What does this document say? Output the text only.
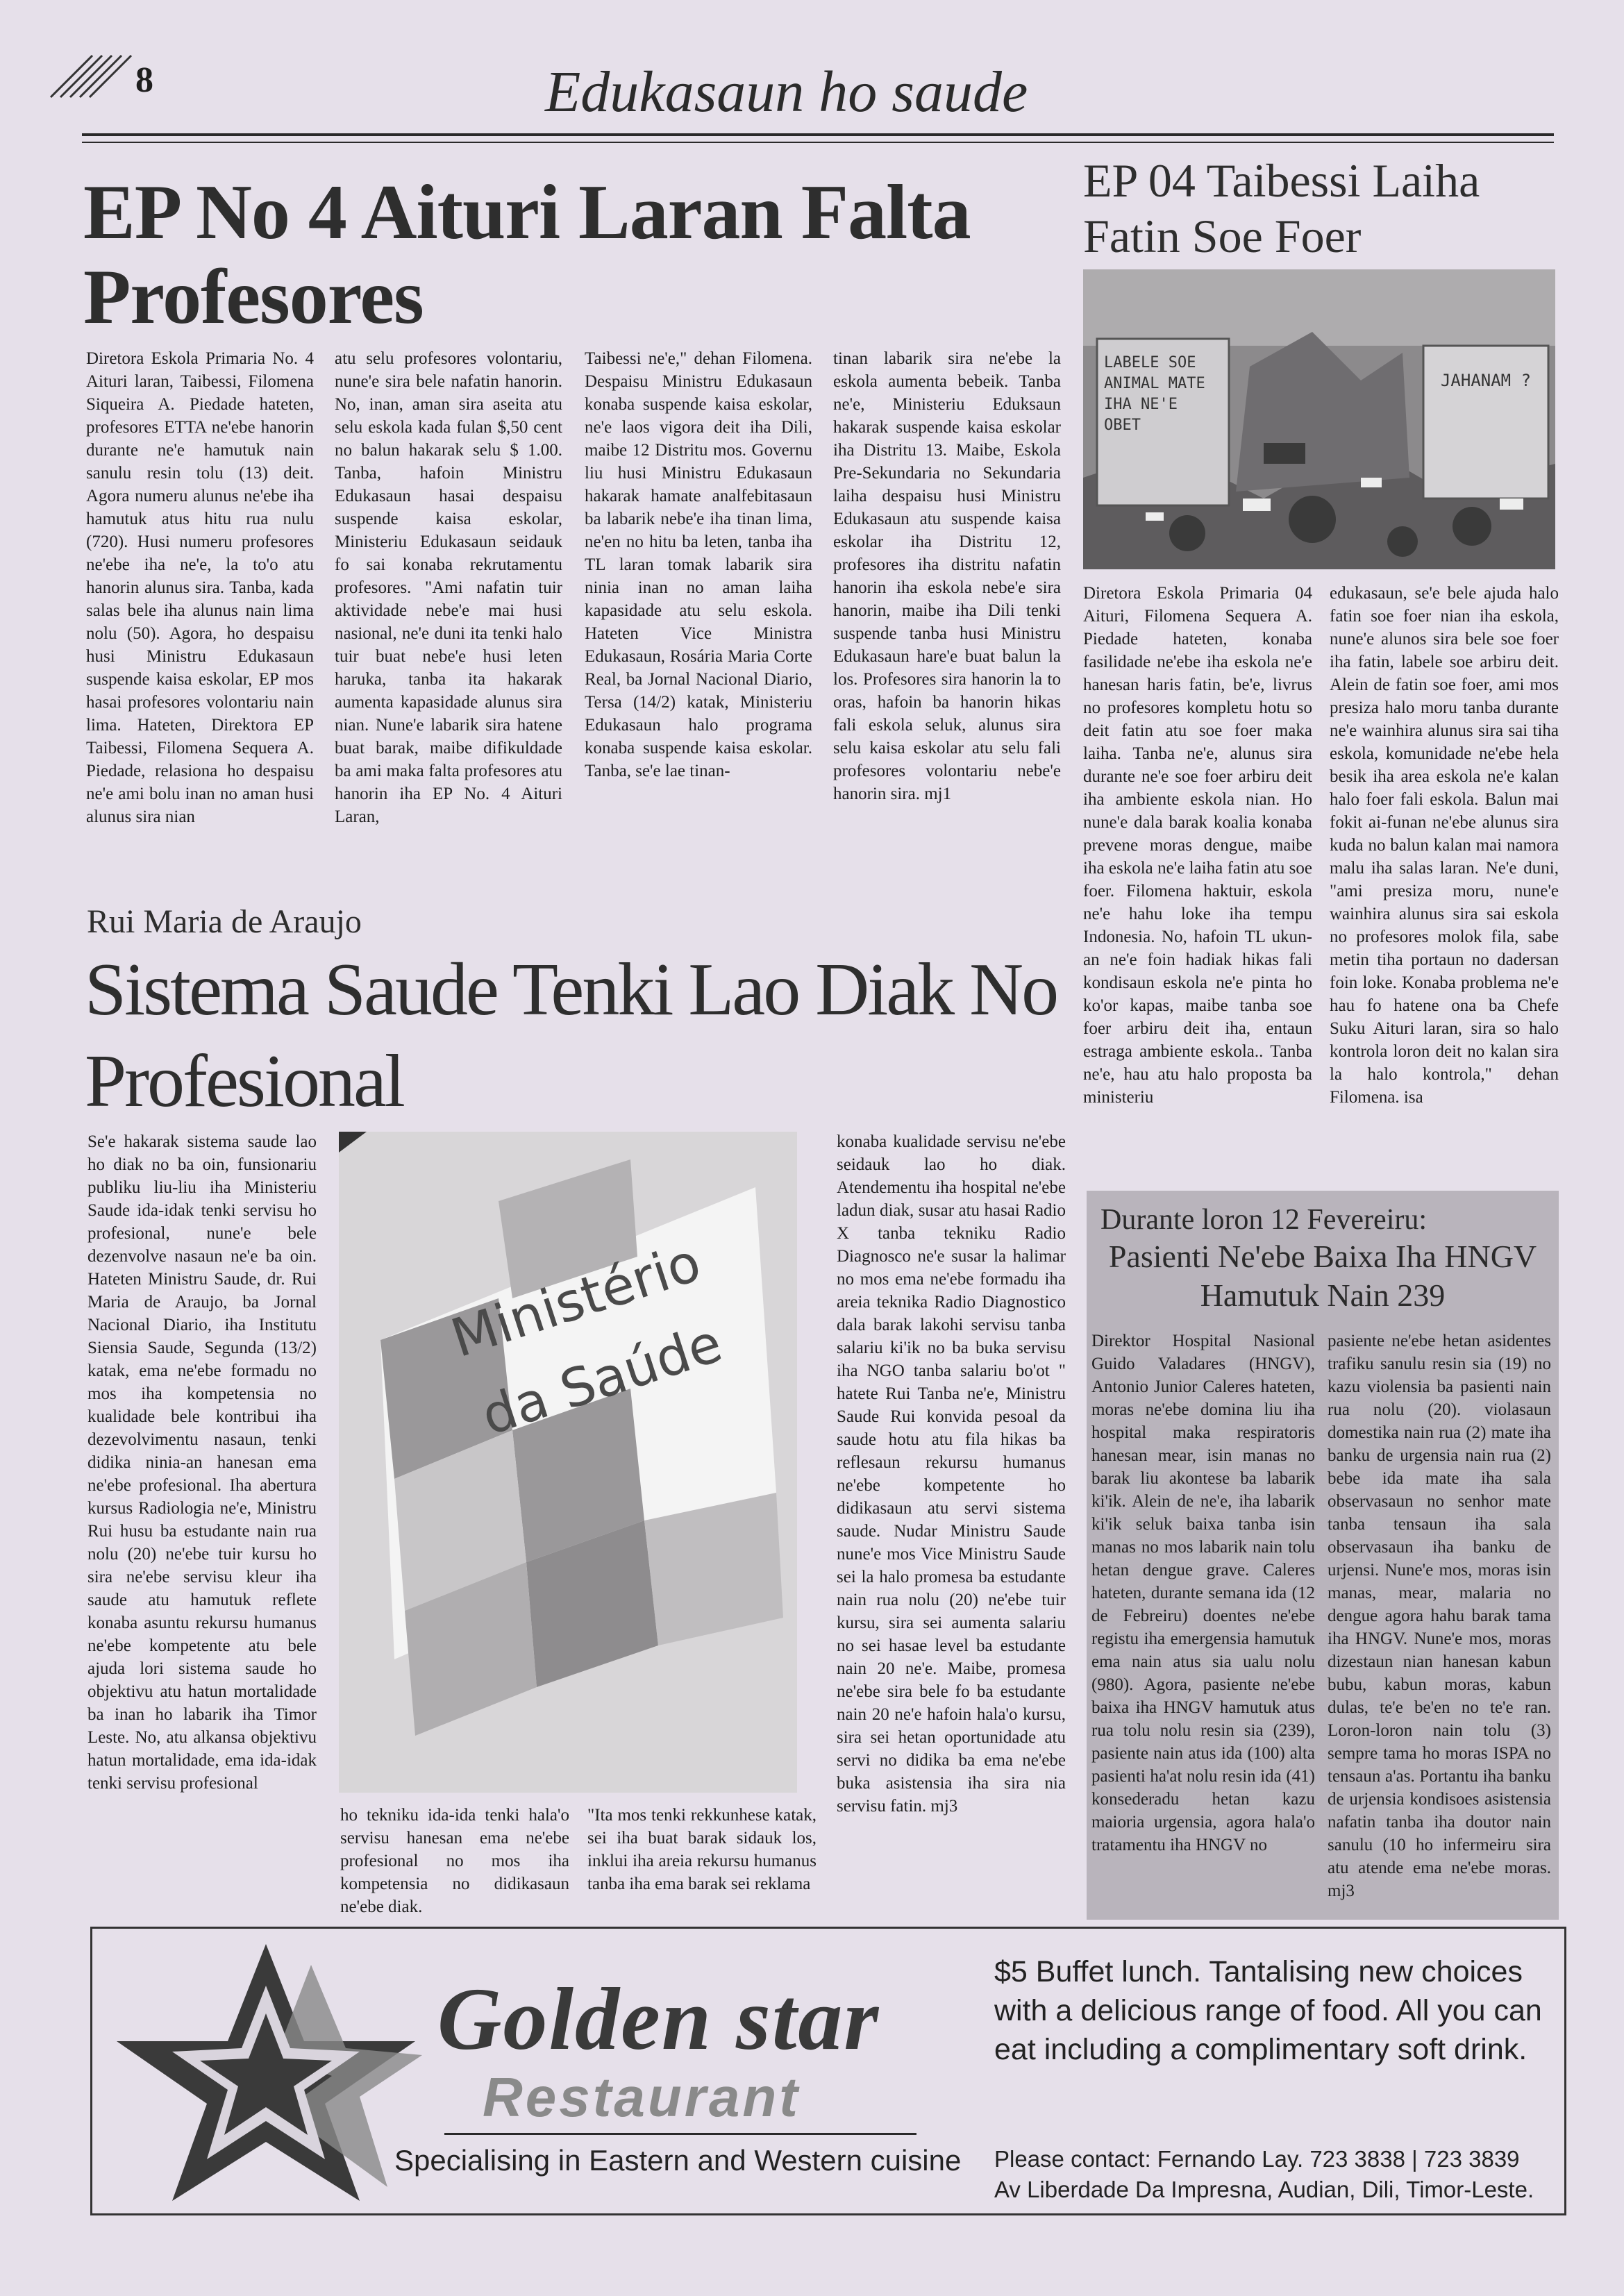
8	Edukasaun ho saude
EP No 4 Aituri Laran Falta Profesores

Diretora Eskola Primaria No. 4 Aituri laran, Taibessi, Filomena Siqueira A. Piedade hateten, profesores ETTA ne'ebe hanorin durante ne'e hamutuk nain sanulu resin tolu (13) deit. Agora numeru alunus ne'ebe iha hamutuk atus hitu rua nulu (720). Husi numeru profesores ne'ebe iha ne'e, la to'o atu hanorin alunus sira. Tanba, kada salas bele iha alunus nain lima nolu (50). Agora, ho despaisu husi Ministru Edukasaun suspende kaisa eskolar, EP mos hasai profesores volontariu nain lima. Hateten, Direktora EP Taibessi, Filomena Sequera A. Piedade, relasiona ho despaisu ne'e ami bolu inan no aman husi alunus sira nian

atu selu profesores volontariu, nune'e sira bele nafatin hanorin. No, inan, aman sira aseita atu selu eskola kada fulan $,50 cent no balun hakarak selu $ 1.00. Tanba, hafoin Ministru Edukasaun hasai despaisu suspende kaisa eskolar, Ministeriu Edukasaun seidauk fo sai konaba rekrutamentu profesores. "Ami nafatin tuir aktividade nebe'e mai husi nasional, ne'e duni ita tenki halo tuir buat nebe'e husi leten haruka, tanba ita hakarak aumenta kapasidade alunus sira nian. Nune'e labarik sira hatene buat barak, maibe difikuldade ba ami maka falta profesores atu hanorin iha EP No. 4 Aituri Laran,

Taibessi ne'e," dehan Filomena. Despaisu Ministru Edukasaun konaba suspende kaisa eskolar, ne'e laos vigora deit iha Dili, maibe 12 Distritu mos. Governu liu husi Ministru Edukasaun hakarak hamate analfebitasaun ba labarik nebe'e iha tinan lima, ne'en no hitu ba leten, tanba iha TL laran tomak labarik sira ninia inan no aman laiha kapasidade atu selu eskola. Hateten Vice Ministra Edukasaun, Rosária Maria Corte Real, ba Jornal Nacional Diario, Tersa (14/2) katak, Ministeriu Edukasaun halo programa konaba suspende kaisa eskolar. Tanba, se'e lae tinan-

tinan labarik sira ne'ebe la eskola aumenta bebeik. Tanba ne'e, Ministeriu Eduksaun hakarak suspende kaisa eskolar iha Distritu 13. Maibe, Eskola Pre-Sekundaria no Sekundaria laiha despaisu husi Ministru Edukasaun atu suspende kaisa eskolar iha Distritu 12, profesores iha distritu nafatin hanorin iha eskola nebe'e sira hanorin, maibe iha Dili tenki suspende tanba husi Ministru Edukasaun hare'e buat balun la los. Profesores sira hanorin la to oras, hafoin ba hanorin hikas fali eskola seluk, alunus sira selu kaisa eskolar atu selu fali profesores volontariu nebe'e hanorin sira. mj1

EP 04 Taibessi Laiha Fatin Soe Foer
LABELE SOE ANIMAL MATE IHA NE'E OBET
JAHANAM ?

Diretora Eskola Primaria 04 Aituri, Filomena Sequera A. Piedade hateten, konaba fasilidade ne'ebe iha eskola ne'e hanesan haris fatin, be'e, livrus no profesores kompletu hotu so deit fatin atu soe foer maka laiha. Tanba ne'e, alunus sira durante ne'e soe foer arbiru deit iha ambiente eskola nian. Ho nune'e dala barak koalia konaba prevene moras dengue, maibe iha eskola ne'e laiha fatin atu soe foer. Filomena haktuir, eskola ne'e hahu loke iha tempu Indonesia. No, hafoin TL ukun-an ne'e foin hadiak hikas fali kondisaun eskola ne'e pinta ho ko'or kapas, maibe tanba soe foer arbiru deit iha, entaun estraga ambiente eskola.. Tanba ne'e, hau atu halo proposta ba ministeriu

edukasaun, se'e bele ajuda halo fatin soe foer nian iha eskola, nune'e alunos sira bele soe foer iha fatin, labele soe arbiru deit. Alein de fatin soe foer, ami mos presiza halo moru tanba durante ne'e wainhira alunus sira sai tiha eskola, komunidade ne'ebe hela besik iha area eskola ne'e kalan halo foer fali eskola. Balun mai fokit ai-funan ne'ebe alunus sira kuda no balun kalan mai namora malu iha salas laran. Ne'e duni, "ami presiza moru, nune'e wainhira alunus sira sai eskola no profesores molok fila, sabe metin tiha portaun no dadersan foin loke. Konaba problema ne'e hau fo hatene ona ba Chefe Suku Aituri laran, sira so halo kontrola loron deit no kalan sira la halo kontrola," dehan Filomena. isa

Rui Maria de Araujo
Sistema Saude Tenki Lao Diak No Profesional

Se'e hakarak sistema saude lao ho diak no ba oin, funsionariu publiku liu-liu iha Ministeriu Saude ida-idak tenki servisu ho profesional, nune'e bele dezenvolve nasaun ne'e ba oin. Hateten Ministru Saude, dr. Rui Maria de Araujo, ba Jornal Nacional Diario, iha Institutu Siensia Saude, Segunda (13/2) katak, ema ne'ebe formadu no mos iha kompetensia no kualidade bele kontribui iha dezevolvimentu nasaun, tenki didika ninia-an hanesan ema ne'ebe profesional. Iha abertura kursus Radiologia ne'e, Ministru Rui husu ba estudante nain rua nolu (20) ne'ebe tuir kursu ho sira ne'ebe servisu kleur iha saude atu hamutuk reflete konaba asuntu rekursu humanus ne'ebe kompetente atu bele ajuda lori sistema saude ho objektivu atu hatun mortalidade ba inan ho labarik iha Timor Leste. No, atu alkansa objektivu hatun mortalidade, ema ida-idak tenki servisu profesional

Ministério da Saúde

ho tekniku ida-ida tenki hala'o servisu hanesan ema ne'ebe profesional no mos iha kompetensia no didikasaun ne'ebe diak.

"Ita mos tenki rekkunhese katak, sei iha buat barak sidauk los, inklui iha areia rekursu humanus tanba iha ema barak sei reklama

konaba kualidade servisu ne'ebe seidauk lao ho diak. Atendementu iha hospital ne'ebe ladun diak, susar atu hasai Radio X tanba tekniku Radio Diagnosco ne'e susar la halimar no mos ema ne'ebe formadu iha areia teknika Radio Diagnostico dala barak lakohi servisu tanba salariu ki'ik no ba buka servisu iha NGO tanba salariu bo'ot " hatete Rui Tanba ne'e, Ministru Saude Rui konvida pesoal da saude hotu atu fila hikas ba reflesaun rekursu humanus ne'ebe kompetente ho didikasaun atu servi sistema saude. Nudar Ministru Saude nune'e mos Vice Ministru Saude sei la halo promesa ba estudante nain rua nolu (20) ne'ebe tuir kursu, sira sei aumenta salariu no sei hasae level ba estudante nain 20 ne'e. Maibe, promesa ne'ebe sira bele fo ba estudante nain 20 ne'e hafoin hala'o kursu, sira sei hetan oportunidade atu servi no didika ba ema ne'ebe buka asistensia iha sira nia servisu fatin. mj3

Durante loron 12 Fevereiru:
Pasienti Ne'ebe Baixa Iha HNGV Hamutuk Nain 239

Direktor Hospital Nasional Guido Valadares (HNGV), Antonio Junior Caleres hateten, moras ne'ebe domina liu iha hospital maka respiratoris hanesan mear, isin manas no barak liu akontese ba labarik ki'ik. Alein de ne'e, iha labarik ki'ik seluk baixa tanba isin manas no mos labarik nain tolu hetan dengue grave. Caleres hateten, durante semana ida (12 de Febreiru) doentes ne'ebe registu iha emergensia hamutuk ema nain atus sia ualu nolu (980). Agora, pasiente ne'ebe baixa iha HNGV hamutuk atus rua tolu nolu resin sia (239), pasiente nain atus ida (100) alta pasienti ha'at nolu resin ida (41) konsederadu hetan kazu maioria urgensia, agora hala'o tratamentu iha HNGV no

pasiente ne'ebe hetan asidentes trafiku sanulu resin sia (19) no kazu violensia ba pasienti nain rua nolu (20). violasaun domestika nain rua (2) mate iha banku de urgensia nain rua (2) bebe ida mate iha sala observasaun no senhor mate tanba tensaun iha sala observasaun iha banku de urjensi. Nune'e mos, moras isin manas, mear, malaria no dengue agora hahu barak tama iha HNGV. Nune'e mos, moras dizestaun nian hanesan kabun bubu, kabun moras, kabun dulas, te'e be'en no te'e ran. Loron-loron nain tolu (3) sempre tama ho moras ISPA no tensaun a'as. Portantu iha banku de urjensia kondisoes asistensia nafatin tanba iha doutor nain sanulu (10 ho infermeiru sira atu atende ema ne'ebe moras. mj3

Golden star
Restaurant
Specialising in Eastern and Western cuisine
$5 Buffet lunch. Tantalising new choices with a delicious range of food. All you can eat including a complimentary soft drink.
Please contact: Fernando Lay. 723 3838 | 723 3839
Av Liberdade Da Impresna, Audian, Dili, Timor-Leste.
